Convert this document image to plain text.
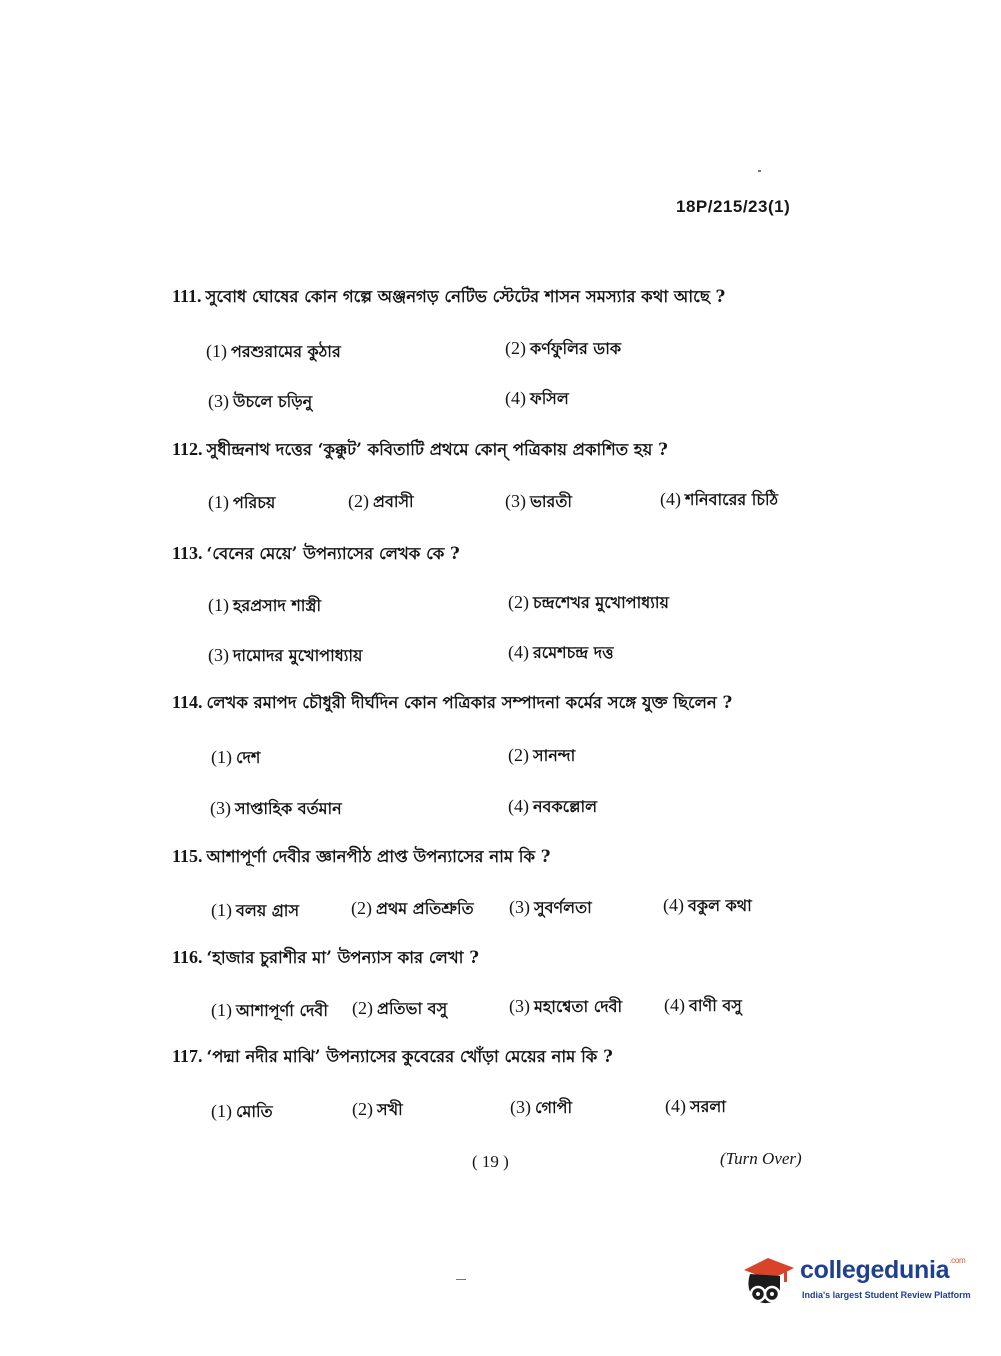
18P/215/23(1)
111. সুবোধ ঘোষের কোন গল্পে অঞ্জনগড় নেটিভ স্টেটের শাসন সমস্যার কথা আছে ?
(1) পরশুরামের কুঠার	(2) কর্ণফুলির ডাক
(3) উচলে চড়িনু	(4) ফসিল
112. সুধীন্দ্রনাথ দত্তের ‘কুক্কুট’ কবিতাটি প্রথমে কোন্ পত্রিকায় প্রকাশিত হয় ?
(1) পরিচয়	(2) প্রবাসী	(3) ভারতী	(4) শনিবারের চিঠি
113. ‘বেনের মেয়ে’ উপন্যাসের লেখক কে ?
(1) হরপ্রসাদ শাস্ত্রী	(2) চন্দ্রশেখর মুখোপাধ্যায়
(3) দামোদর মুখোপাধ্যায়	(4) রমেশচন্দ্র দত্ত
114. লেখক রমাপদ চৌধুরী দীর্ঘদিন কোন পত্রিকার সম্পাদনা কর্মের সঙ্গে যুক্ত ছিলেন ?
(1) দেশ	(2) সানন্দা
(3) সাপ্তাহিক বর্তমান	(4) নবকল্লোল
115. আশাপূর্ণা দেবীর জ্ঞানপীঠ প্রাপ্ত উপন্যাসের নাম কি ?
(1) বলয় গ্রাস	(2) প্রথম প্রতিশ্রুতি (3) সুবর্ণলতা	(4) বকুল কথা
116. ‘হাজার চুরাশীর মা’ উপন্যাস কার লেখা ?
(1) আশাপূর্ণা দেবী (2) প্রতিভা বসু	(3) মহাশ্বেতা দেবী (4) বাণী বসু
117. ‘পদ্মা নদীর মাঝি’ উপন্যাসের কুবেরের খোঁড়া মেয়ের নাম কি ?
(1) মোতি	(2) সখী	(3) গোপী	(4) সরলা
( 19 )	(Turn Over)
collegedunia$^{.com}$
India's largest Student Review Platform
